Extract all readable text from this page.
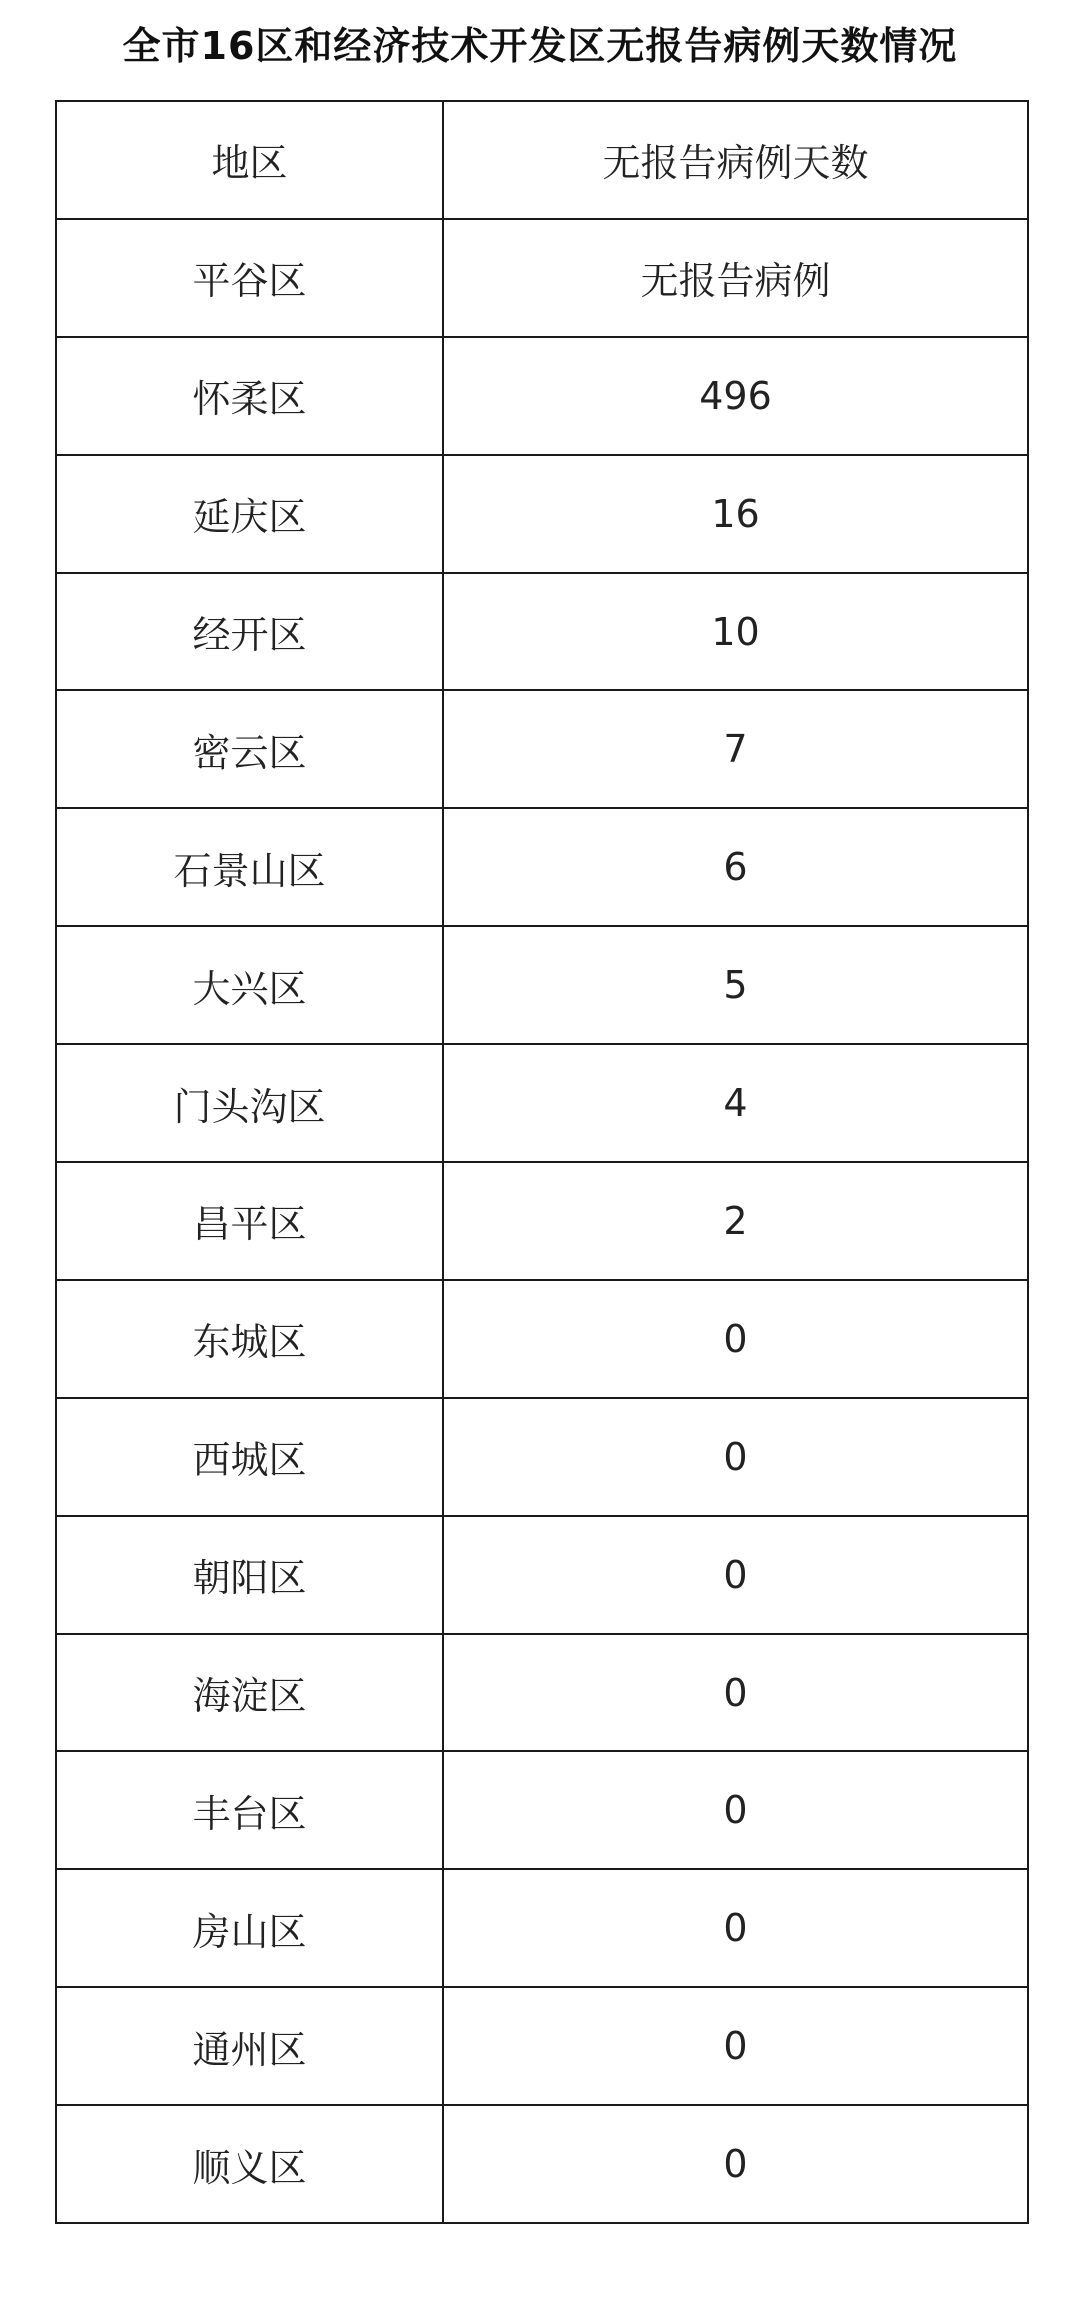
全市16区和经济技术开发区无报告病例天数情况
地区	无报告病例天数
平谷区	无报告病例
怀柔区	496
延庆区	16
经开区	10
密云区	7
石景山区	6
大兴区	5
门头沟区	4
昌平区	2
东城区	0
西城区	0
朝阳区	0
海淀区	0
丰台区	0
房山区	0
通州区	0
顺义区	0
